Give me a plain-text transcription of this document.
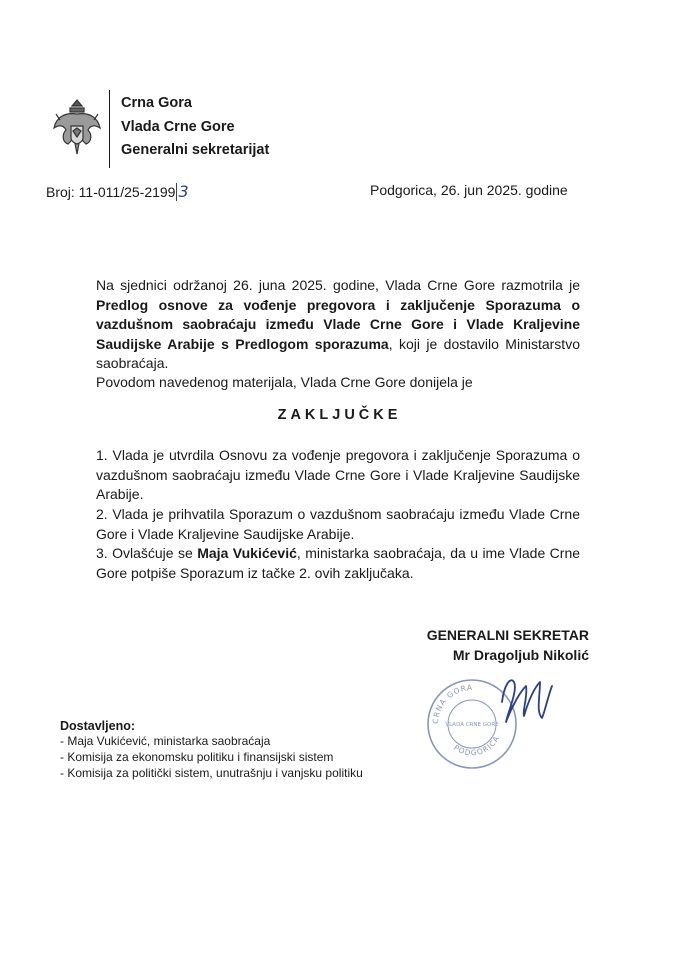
Crna Gora
Vlada Crne Gore
Generalni sekretarijat
Broj: 11-011/25-2199 3	Podgorica, 26. jun 2025. godine
Na sjednici održanoj 26. juna 2025. godine, Vlada Crne Gore razmotrila je Predlog osnove za vođenje pregovora i zaključenje Sporazuma o vazdušnom saobraćaju između Vlade Crne Gore i Vlade Kraljevine Saudijske Arabije s Predlogom sporazuma, koji je dostavilo Ministarstvo saobraćaja.
Povodom navedenog materijala, Vlada Crne Gore donijela je
ZAKLJUČKE
1. Vlada je utvrdila Osnovu za vođenje pregovora i zaključenje Sporazuma o vazdušnom saobraćaju između Vlade Crne Gore i Vlade Kraljevine Saudijske Arabije.
2. Vlada je prihvatila Sporazum o vazdušnom saobraćaju između Vlade Crne Gore i Vlade Kraljevine Saudijske Arabije.
3. Ovlašćuje se Maja Vukićević, ministarka saobraćaja, da u ime Vlade Crne Gore potpiše Sporazum iz tačke 2. ovih zaključaka.
GENERALNI SEKRETAR
Mr Dragoljub Nikolić
CRNA GORA
VLADA CRNE GORE
PODGORICA
Dostavljeno:
- Maja Vukićević, ministarka saobraćaja
- Komisija za ekonomsku politiku i finansijski sistem
- Komisija za politički sistem, unutrašnju i vanjsku politiku
